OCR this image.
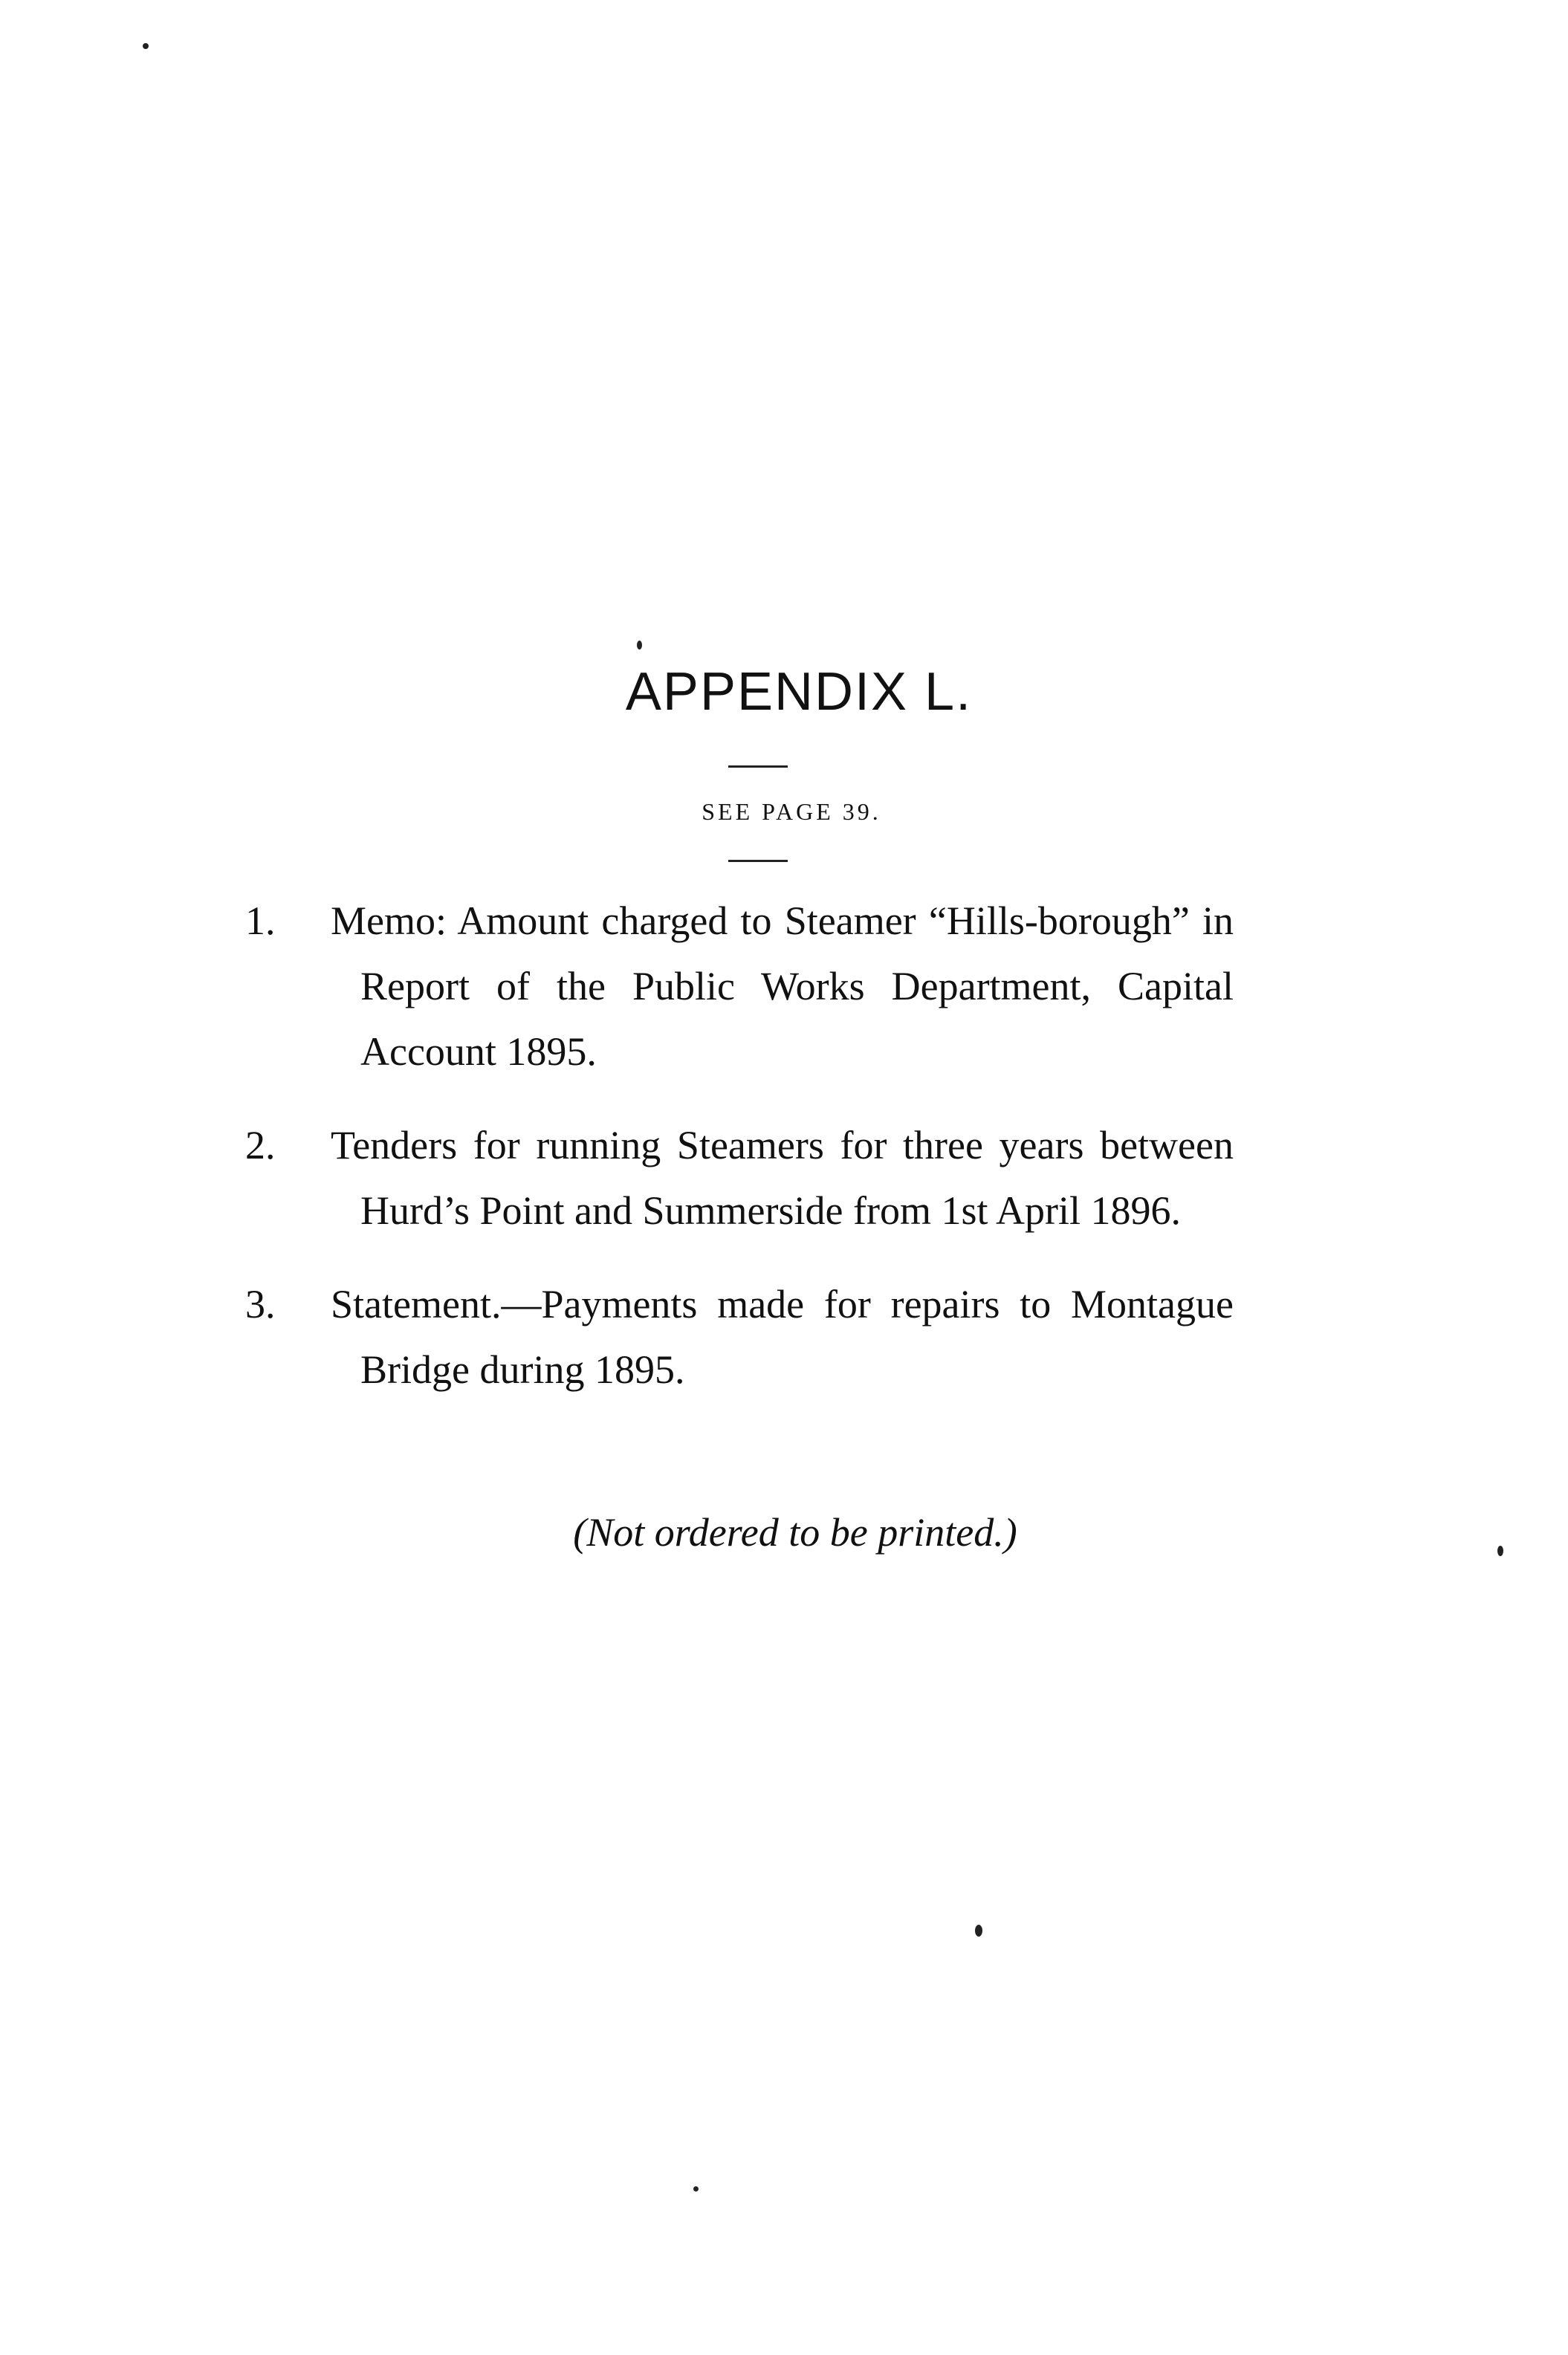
APPENDIX L.
SEE PAGE 39.
1.	Memo: Amount charged to Steamer “Hills-borough” in Report of the Public Works Department, Capital Account 1895.
2.	Tenders for running Steamers for three years between Hurd’s Point and Summerside from 1st April 1896.
3.	Statement.—Payments made for repairs to Montague Bridge during 1895.
(Not ordered to be printed.)
